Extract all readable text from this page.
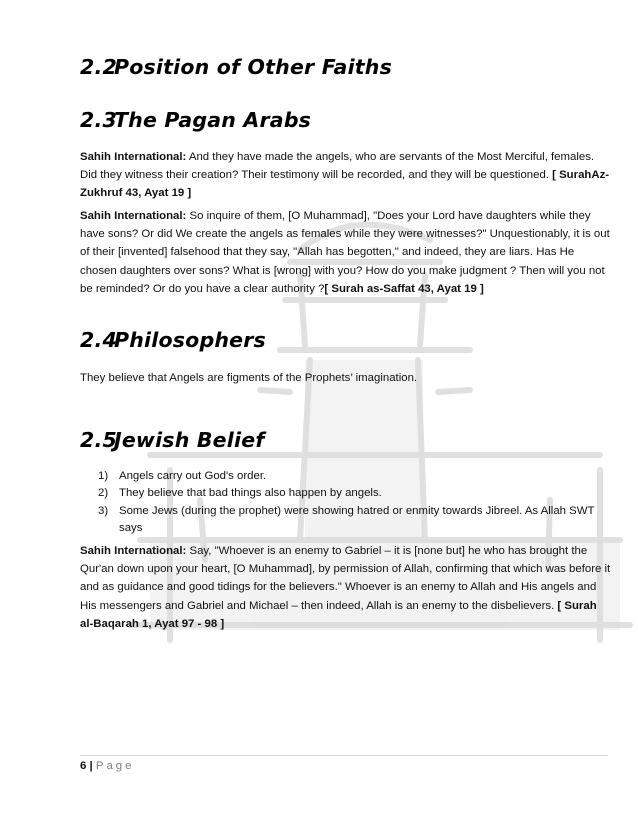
2.2Position of Other Faiths
2.3The Pagan Arabs

Sahih International: And they have made the angels, who are servants of the Most Merciful, females. Did they witness their creation? Their testimony will be recorded, and they will be questioned. [ SurahAz-Zukhruf 43, Ayat 19 ]

Sahih International: So inquire of them, [O Muhammad], "Does your Lord have daughters while they have sons? Or did We create the angels as females while they were witnesses?" Unquestionably, it is out of their [invented] falsehood that they say, "Allah has begotten," and indeed, they are liars. Has He chosen daughters over sons? What is [wrong] with you? How do you make judgment ? Then will you not be reminded? Or do you have a clear authority ?[ Surah as-Saffat 43, Ayat 19 ]

2.4Philosophers

They believe that Angels are figments of the Prophets’ imagination.

2.5Jewish Belief
1) Angels carry out God's order.
2) They believe that bad things also happen by angels.
3) Some Jews (during the prophet) were showing hatred or enmity towards Jibreel. As Allah SWT says

Sahih International: Say, "Whoever is an enemy to Gabriel – it is [none but] he who has brought the Qur'an down upon your heart, [O Muhammad], by permission of Allah, confirming that which was before it and as guidance and good tidings for the believers." Whoever is an enemy to Allah and His angels and His messengers and Gabriel and Michael – then indeed, Allah is an enemy to the disbelievers. [ Surah al-Baqarah 1, Ayat 97 - 98 ]

6 | Page
